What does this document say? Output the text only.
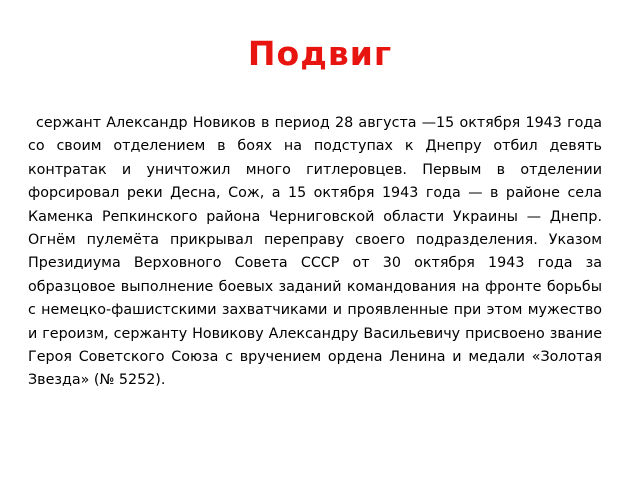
Подвиг

сержант Александр Новиков в период 28 августа —15 октября 1943 года со своим отделением в боях на подступах к Днепру отбил девять контратак и уничтожил много гитлеровцев. Первым в отделении форсировал реки Десна, Сож, а 15 октября 1943 года — в районе села Каменка Репкинского района Черниговской области Украины — Днепр. Огнём пулемёта прикрывал переправу своего подразделения. Указом Президиума Верховного Совета СССР от 30 октября 1943 года за образцовое выполнение боевых заданий командования на фронте борьбы с немецко-фашистскими захватчиками и проявленные при этом мужество и героизм, сержанту Новикову Александру Васильевичу присвоено звание Героя Советского Союза с вручением ордена Ленина и медали «Золотая Звезда» (№ 5252).
